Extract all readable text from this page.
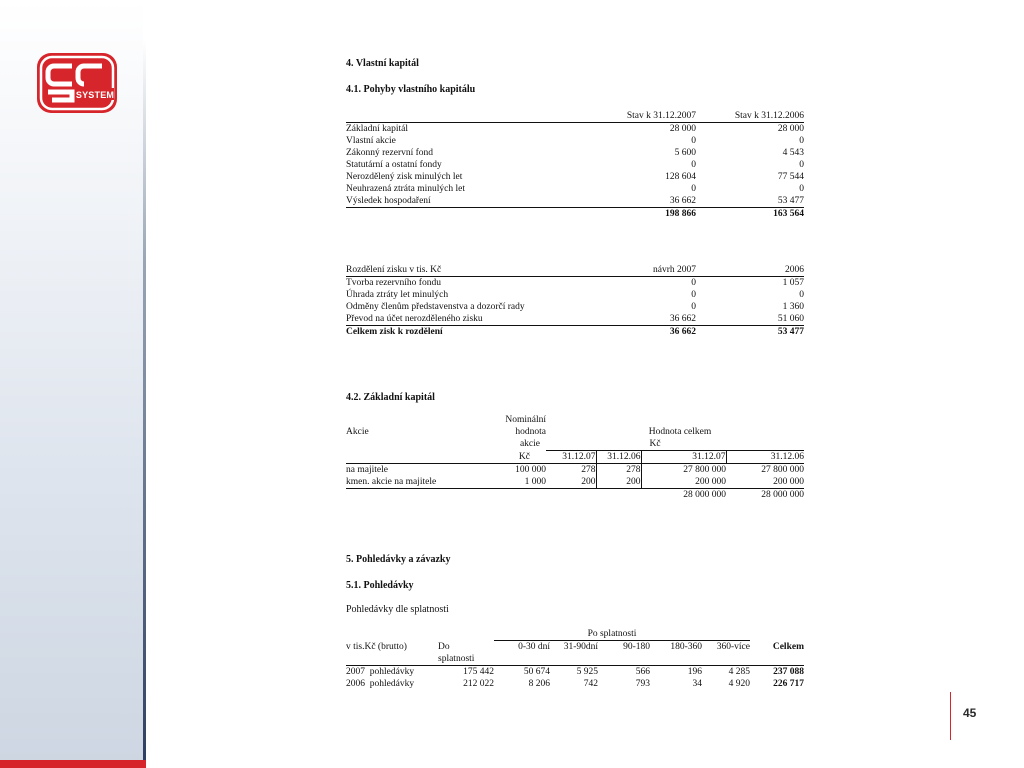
SYSTEM
4. Vlastní kapitál
4.1. Pohyby vlastního kapitálu
	Stav k 31.12.2007	Stav k 31.12.2006
Základní kapitál	28 000	28 000
Vlastní akcie	0	0
Zákonný rezervní fond	5 600	4 543
Statutární a ostatní fondy	0	0
Nerozdělený zisk minulých let	128 604	77 544
Neuhrazená ztráta minulých let	0	0
Výsledek hospodaření	36 662	53 477
	198 866	163 564
Rozdělení zisku v tis. Kč	návrh 2007	2006
Tvorba rezervního fondu	0	1 057
Úhrada ztráty let minulých	0	0
Odměny členům představenstva a dozorčí rady	0	1 360
Převod na účet nerozděleného zisku	36 662	51 060
Celkem zisk k rozdělení	36 662	53 477
4.2. Základní kapitál
	Nominální				
Akcie	hodnota		Hodnota celkem		
	akcie	Kč			
	Kč	31.12.07	31.12.06	31.12.07	31.12.06
na majitele	100 000	278	278	27 800 000	27 800 000
kmen. akcie na majitele	1 000	200	200	200 000	200 000
				28 000 000	28 000 000
5. Pohledávky a závazky
5.1. Pohledávky
Pohledávky dle splatnosti
		Po splatnosti					
v tis.Kč (brutto)	Do	0-30 dní	31-90dní	90-180	180-360	360-více	Celkem
	splatnosti						
2007 pohledávky	175 442	50 674	5 925	566	196	4 285	237 088
2006 pohledávky	212 022	8 206	742	793	34	4 920	226 717
45
